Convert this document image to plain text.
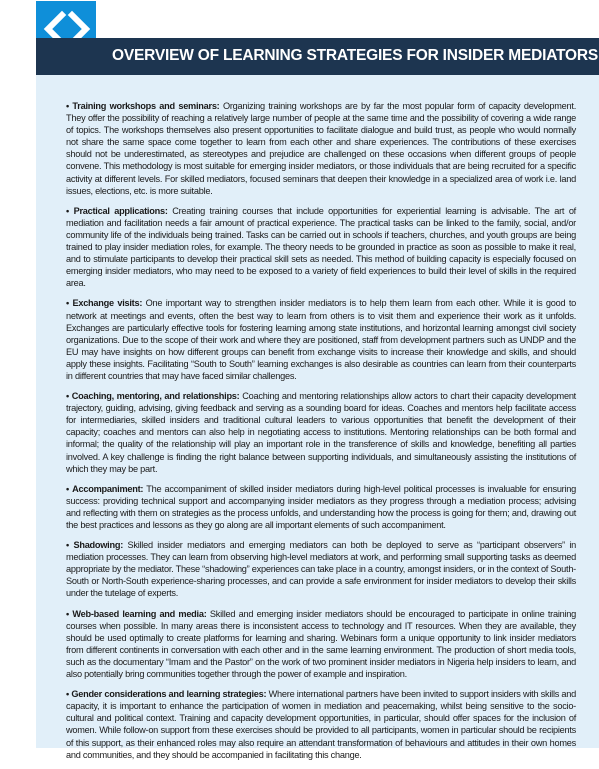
OVERVIEW OF LEARNING STRATEGIES FOR INSIDER MEDIATORS

• Training workshops and seminars: Organizing training workshops are by far the most popular form of capacity development. They offer the possibility of reaching a relatively large number of people at the same time and the possibility of covering a wide range of topics. The workshops themselves also present opportunities to facilitate dialogue and build trust, as people who would normally not share the same space come together to learn from each other and share experiences. The contributions of these exercises should not be underestimated, as stereotypes and prejudice are challenged on these occasions when different groups of people convene. This methodology is most suitable for emerging insider mediators, or those individuals that are being recruited for a specific activity at different levels. For skilled mediators, focused seminars that deepen their knowledge in a specialized area of work i.e. land issues, elections, etc. is more suitable.

• Practical applications: Creating training courses that include opportunities for experiential learning is advisable. The art of mediation and facilitation needs a fair amount of practical experience. The practical tasks can be linked to the family, social, and/or community life of the individuals being trained. Tasks can be carried out in schools if teachers, churches, and youth groups are being trained to play insider mediation roles, for example. The theory needs to be grounded in practice as soon as possible to make it real, and to stimulate participants to develop their practical skill sets as needed. This method of building capacity is especially focused on emerging insider mediators, who may need to be exposed to a variety of field experiences to build their level of skills in the required area.

• Exchange visits: One important way to strengthen insider mediators is to help them learn from each other. While it is good to network at meetings and events, often the best way to learn from others is to visit them and experience their work as it unfolds. Exchanges are particularly effective tools for fostering learning among state institutions, and horizontal learning amongst civil society organizations. Due to the scope of their work and where they are positioned, staff from development partners such as UNDP and the EU may have insights on how different groups can benefit from exchange visits to increase their knowledge and skills, and should apply these insights. Facilitating “South to South” learning exchanges is also desirable as countries can learn from their counterparts in different countries that may have faced similar challenges.

• Coaching, mentoring, and relationships: Coaching and mentoring relationships allow actors to chart their capacity development trajectory, guiding, advising, giving feedback and serving as a sounding board for ideas. Coaches and mentors help facilitate access for intermediaries, skilled insiders and traditional cultural leaders to various opportunities that benefit the development of their capacity; coaches and mentors can also help in negotiating access to institutions. Mentoring relationships can be both formal and informal; the quality of the relationship will play an important role in the transference of skills and knowledge, benefiting all parties involved. A key challenge is finding the right balance between supporting individuals, and simultaneously assisting the institutions of which they may be part.

• Accompaniment: The accompaniment of skilled insider mediators during high-level political processes is invaluable for ensuring success: providing technical support and accompanying insider mediators as they progress through a mediation process; advising and reflecting with them on strategies as the process unfolds, and understanding how the process is going for them; and, drawing out the best practices and lessons as they go along are all important elements of such accompaniment.

• Shadowing: Skilled insider mediators and emerging mediators can both be deployed to serve as “participant observers” in mediation processes. They can learn from observing high-level mediators at work, and performing small supporting tasks as deemed appropriate by the mediator. These “shadowing” experiences can take place in a country, amongst insiders, or in the context of South-South or North-South experience-sharing processes, and can provide a safe environment for insider mediators to develop their skills under the tutelage of experts.

• Web-based learning and media: Skilled and emerging insider mediators should be encouraged to participate in online training courses when possible. In many areas there is inconsistent access to technology and IT resources. When they are available, they should be used optimally to create platforms for learning and sharing. Webinars form a unique opportunity to link insider mediators from different continents in conversation with each other and in the same learning environment. The production of short media tools, such as the documentary “Imam and the Pastor” on the work of two prominent insider mediators in Nigeria help insiders to learn, and also potentially bring communities together through the power of example and inspiration.

• Gender considerations and learning strategies: Where international partners have been invited to support insiders with skills and capacity, it is important to enhance the participation of women in mediation and peacemaking, whilst being sensitive to the socio-cultural and political context. Training and capacity development opportunities, in particular, should offer spaces for the inclusion of women. While follow-on support from these exercises should be provided to all participants, women in particular should be recipients of this support, as their enhanced roles may also require an attendant transformation of behaviours and attitudes in their own homes and communities, and they should be accompanied in facilitating this change.
